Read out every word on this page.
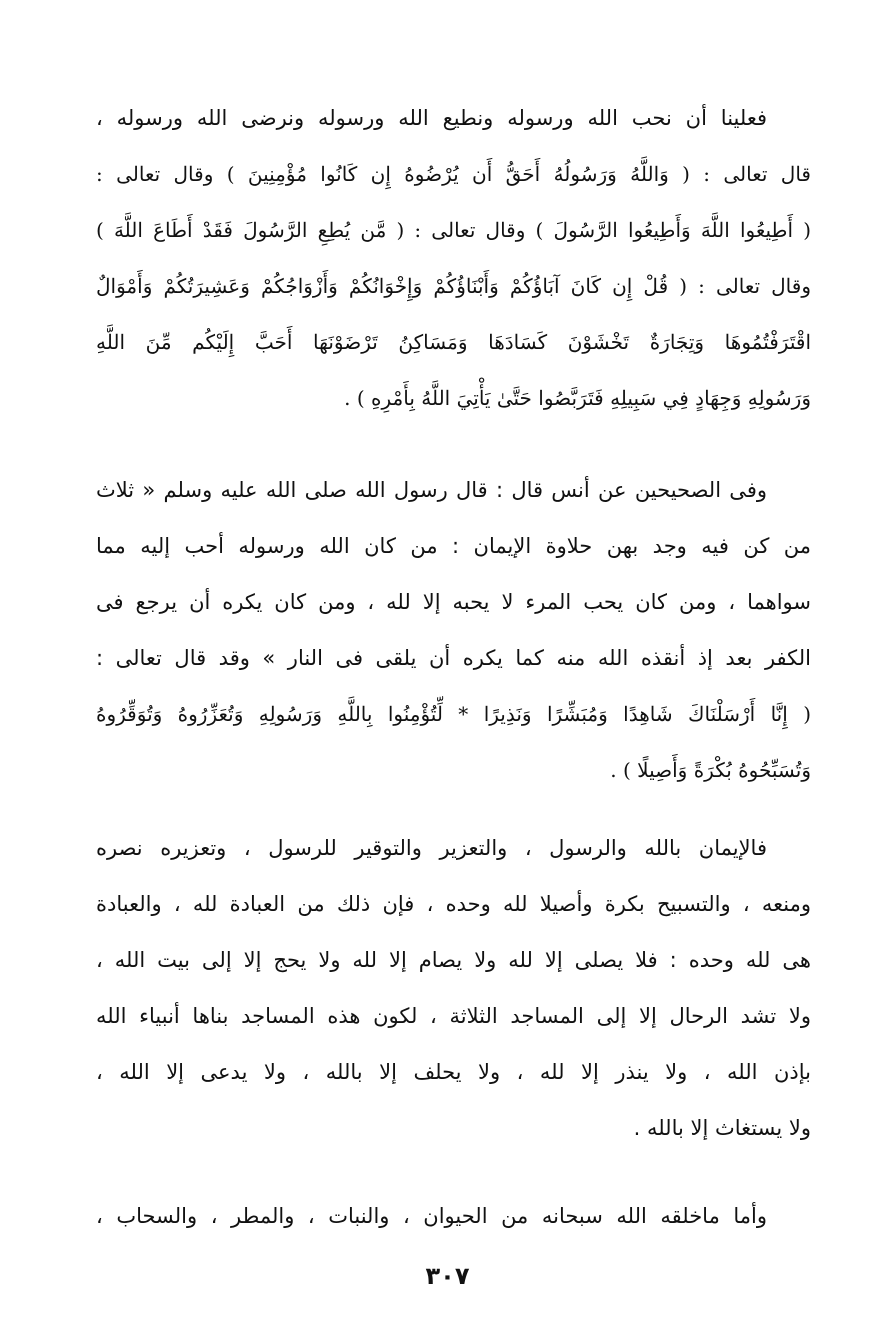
فعلينا أن نحب الله ورسوله ونطيع الله ورسوله ونرضى الله ورسوله ،
قال تعالى : ( وَاللَّهُ وَرَسُولُهُ أَحَقُّ أَن يُرْضُوهُ إِن كَانُوا مُؤْمِنِينَ ) وقال تعالى :
( أَطِيعُوا اللَّهَ وَأَطِيعُوا الرَّسُولَ ) وقال تعالى : ( مَّن يُطِعِ الرَّسُولَ فَقَدْ أَطَاعَ اللَّهَ )
وقال تعالى : ( قُلْ إِن كَانَ آبَاؤُكُمْ وَأَبْنَاؤُكُمْ وَإِخْوَانُكُمْ وَأَزْوَاجُكُمْ وَعَشِيرَتُكُمْ وَأَمْوَالٌ
اقْتَرَفْتُمُوهَا وَتِجَارَةٌ تَخْشَوْنَ كَسَادَهَا وَمَسَاكِنُ تَرْضَوْنَهَا أَحَبَّ إِلَيْكُم مِّنَ اللَّهِ
وَرَسُولِهِ وَجِهَادٍ فِي سَبِيلِهِ فَتَرَبَّصُوا حَتَّىٰ يَأْتِيَ اللَّهُ بِأَمْرِهِ ) .
وفى الصحيحين عن أنس قال : قال رسول الله صلى الله عليه وسلم « ثلاث
من كن فيه وجد بهن حلاوة الإيمان : من كان الله ورسوله أحب إليه مما
سواهما ، ومن كان يحب المرء لا يحبه إلا لله ، ومن كان يكره أن يرجع فى
الكفر بعد إذ أنقذه الله منه كما يكره أن يلقى فى النار » وقد قال تعالى :
( إِنَّا أَرْسَلْنَاكَ شَاهِدًا وَمُبَشِّرًا وَنَذِيرًا * لِّتُؤْمِنُوا بِاللَّهِ وَرَسُولِهِ وَتُعَزِّرُوهُ وَتُوَقِّرُوهُ
وَتُسَبِّحُوهُ بُكْرَةً وَأَصِيلًا ) .
فالإيمان بالله والرسول ، والتعزير والتوقير للرسول ، وتعزيره نصره
ومنعه ، والتسبيح بكرة وأصيلا لله وحده ، فإن ذلك من العبادة لله ، والعبادة
هى لله وحده : فلا يصلى إلا لله ولا يصام إلا لله ولا يحج إلا إلى بيت الله ،
ولا تشد الرحال إلا إلى المساجد الثلاثة ، لكون هذه المساجد بناها أنبياء الله
بإذن الله ، ولا ينذر إلا لله ، ولا يحلف إلا بالله ، ولا يدعى إلا الله ،
ولا يستغاث إلا بالله .
وأما ماخلقه الله سبحانه من الحيوان ، والنبات ، والمطر ، والسحاب ،
٣٠٧
